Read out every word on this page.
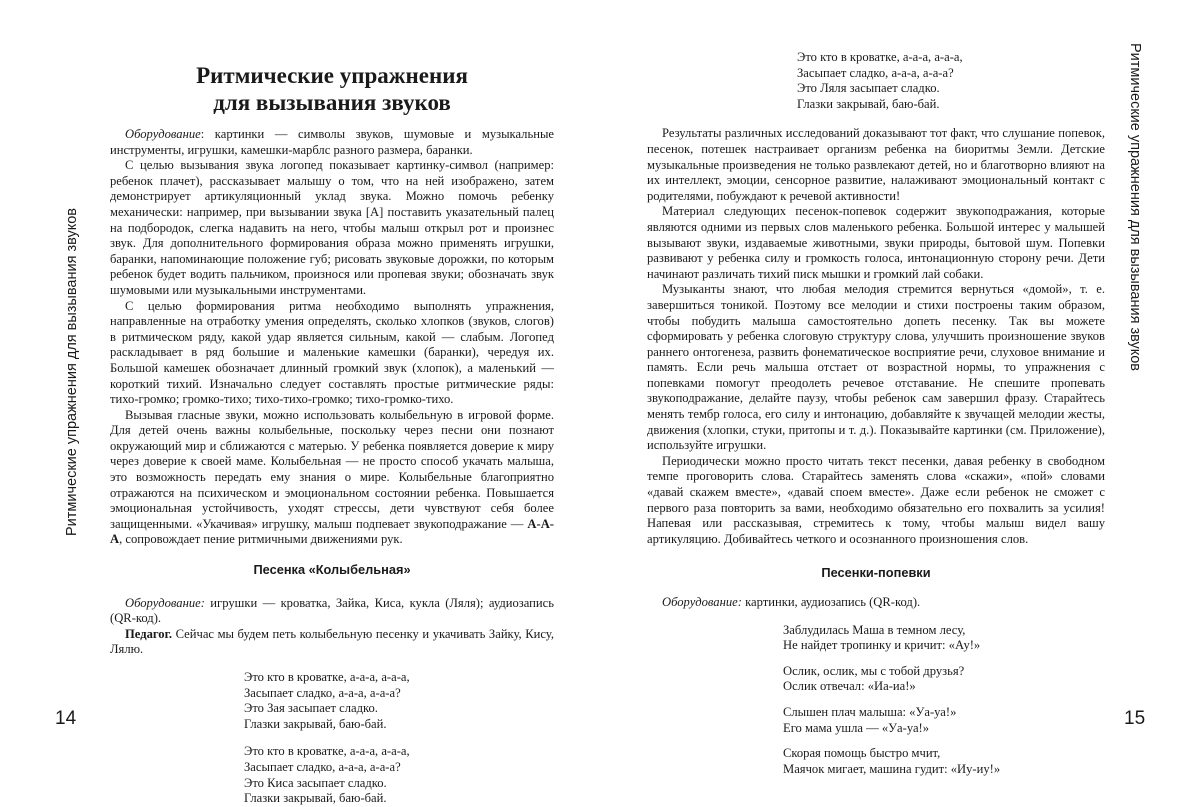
Ритмические упражнения для вызывания звуков
Ритмические упражнения для вызывания звуков
14	15
Ритмические упражнения
для вызывания звуков

Оборудование: картинки — символы звуков, шумовые и музыкальные инструменты, игрушки, камешки-марблс разного размера, баранки.

С целью вызывания звука логопед показывает картинку-символ (например: ребенок плачет), рассказывает малышу о том, что на ней изображено, затем демонстрирует артикуляционный уклад звука. Можно помочь ребенку механически: например, при вызывании звука [А] поставить указательный палец на подбородок, слегка надавить на него, чтобы малыш открыл рот и произнес звук. Для дополнительного формирования образа можно применять игрушки, баранки, напоминающие положение губ; рисовать звуковые дорожки, по которым ребенок будет водить пальчиком, произнося или пропевая звуки; обозначать звук шумовыми или музыкальными инструментами.

С целью формирования ритма необходимо выполнять упражнения, направленные на отработку умения определять, сколько хлопков (звуков, слогов) в ритмическом ряду, какой удар является сильным, какой — слабым. Логопед раскладывает в ряд большие и маленькие камешки (баранки), чередуя их. Большой камешек обозначает длинный громкий звук (хлопок), а маленький — короткий тихий. Изначально следует составлять простые ритмические ряды: тихо-громко; громко-тихо; тихо-тихо-громко; тихо-громко-тихо.

Вызывая гласные звуки, можно использовать колыбельную в игровой форме. Для детей очень важны колыбельные, поскольку через песни они познают окружающий мир и сближаются с матерью. У ребенка появляется доверие к миру через доверие к своей маме. Колыбельная — не просто способ укачать малыша, это возможность передать ему знания о мире. Колыбельные благоприятно отражаются на психическом и эмоциональном состоянии ребенка. Повышается эмоциональная устойчивость, уходят стрессы, дети чувствуют себя более защищенными. «Укачивая» игрушку, малыш подпевает звукоподражание — А-А-А, сопровождает пение ритмичными движениями рук.

Песенка «Колыбельная»

Оборудование: игрушки — кроватка, Зайка, Киса, кукла (Ляля); аудиозапись (QR-код).

Педагог. Сейчас мы будем петь колыбельную песенку и укачивать Зайку, Кису, Лялю.

Это кто в кроватке, а-а-а, а-а-а,
Засыпает сладко, а-а-а, а-а-а?
Это Зая засыпает сладко.
Глазки закрывай, баю-бай.
Это кто в кроватке, а-а-а, а-а-а,
Засыпает сладко, а-а-а, а-а-а?
Это Киса засыпает сладко.
Глазки закрывай, баю-бай.
Это кто в кроватке, а-а-а, а-а-а,
Засыпает сладко, а-а-а, а-а-а?
Это Ляля засыпает сладко.
Глазки закрывай, баю-бай.

Результаты различных исследований доказывают тот факт, что слушание попевок, песенок, потешек настраивает организм ребенка на биоритмы Земли. Детские музыкальные произведения не только развлекают детей, но и благотворно влияют на их интеллект, эмоции, сенсорное развитие, налаживают эмоциональный контакт с родителями, побуждают к речевой активности!

Материал следующих песенок-попевок содержит звукоподражания, которые являются одними из первых слов маленького ребенка. Большой интерес у малышей вызывают звуки, издаваемые животными, звуки природы, бытовой шум. Попевки развивают у ребенка силу и громкость голоса, интонационную сторону речи. Дети начинают различать тихий писк мышки и громкий лай собаки.

Музыканты знают, что любая мелодия стремится вернуться «домой», т. е. завершиться тоникой. Поэтому все мелодии и стихи построены таким образом, чтобы побудить малыша самостоятельно допеть песенку. Так вы можете сформировать у ребенка слоговую структуру слова, улучшить произношение звуков раннего онтогенеза, развить фонематическое восприятие речи, слуховое внимание и память. Если речь малыша отстает от возрастной нормы, то упражнения с попевками помогут преодолеть речевое отставание. Не спешите пропевать звукоподражание, делайте паузу, чтобы ребенок сам завершил фразу. Старайтесь менять тембр голоса, его силу и интонацию, добавляйте к звучащей мелодии жесты, движения (хлопки, стуки, притопы и т. д.). Показывайте картинки (см. Приложение), используйте игрушки.

Периодически можно просто читать текст песенки, давая ребенку в свободном темпе проговорить слова. Старайтесь заменять слова «скажи», «пой» словами «давай скажем вместе», «давай споем вместе». Даже если ребенок не сможет с первого раза повторить за вами, необходимо обязательно его похвалить за усилия! Напевая или рассказывая, стремитесь к тому, чтобы малыш видел вашу артикуляцию. Добивайтесь четкого и осознанного произношения слов.

Песенки-попевки

Оборудование: картинки, аудиозапись (QR-код).

Заблудилась Маша в темном лесу,
Не найдет тропинку и кричит: «Ау!»
Ослик, ослик, мы с тобой друзья?
Ослик отвечал: «Иа-иа!»
Слышен плач малыша: «Уа-уа!»
Его мама ушла — «Уа-уа!»
Скорая помощь быстро мчит,
Маячок мигает, машина гудит: «Иу-иу!»
